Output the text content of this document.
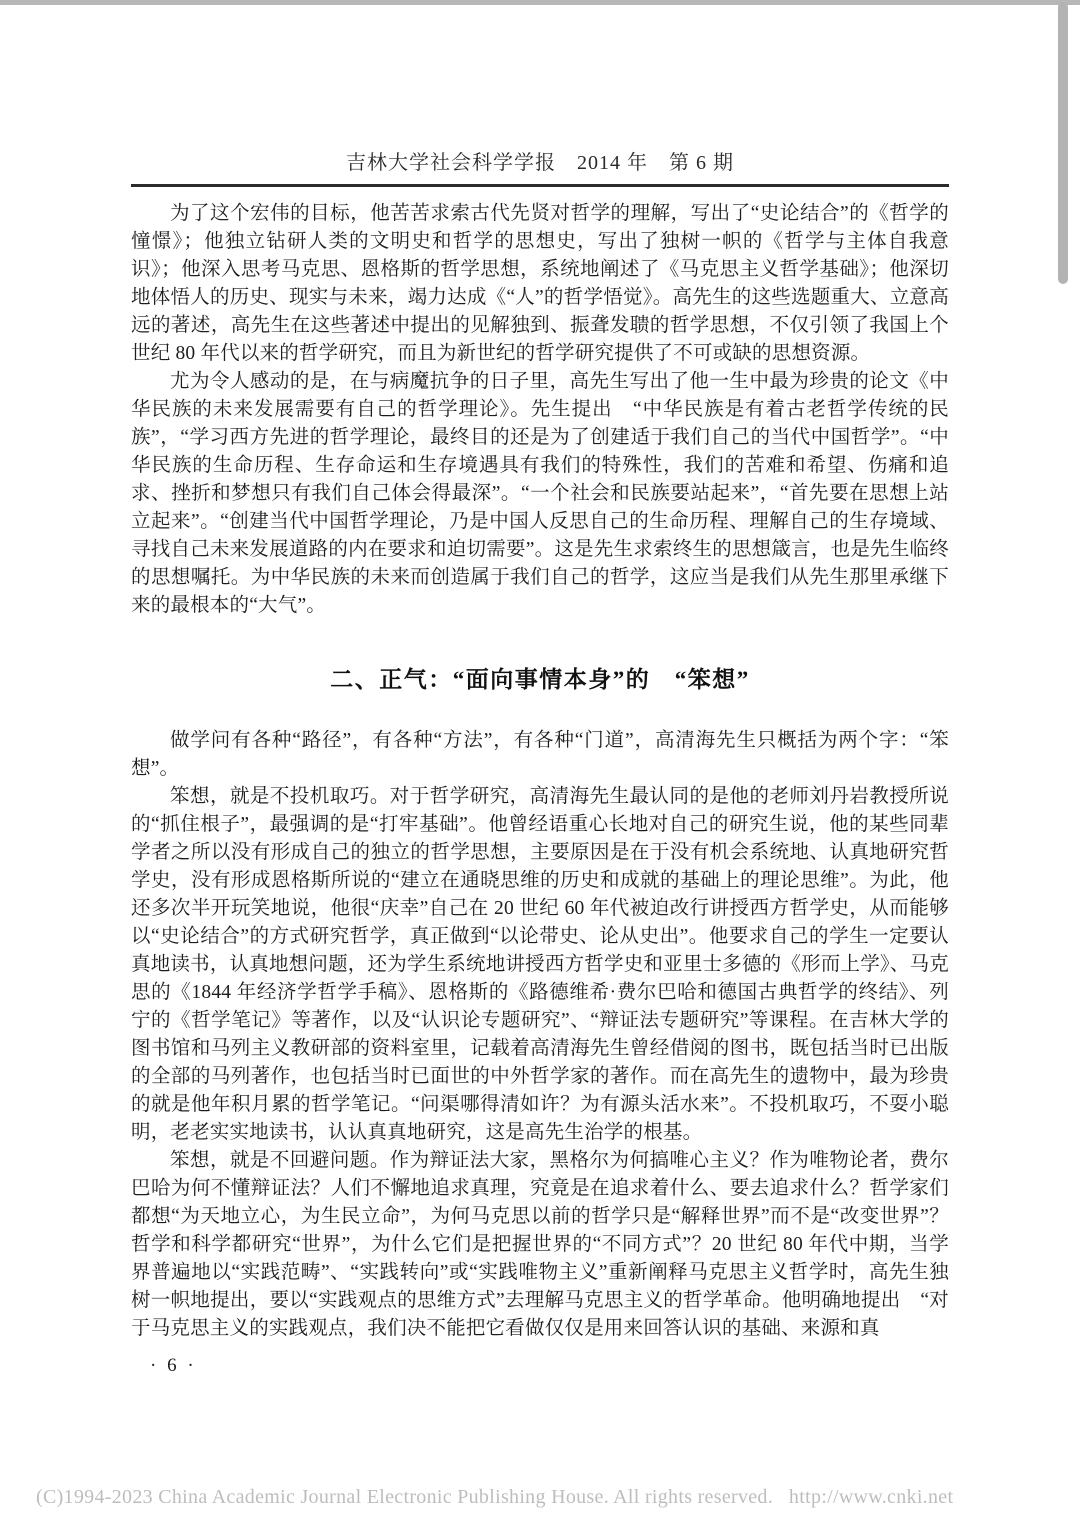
吉林大学社会科学学报　2014 年　第 6 期

为了这个宏伟的目标，他苦苦求索古代先贤对哲学的理解，写出了“史论结合”的《哲学的憧憬》；他独立钻研人类的文明史和哲学的思想史，写出了独树一帜的《哲学与主体自我意识》；他深入思考马克思、恩格斯的哲学思想，系统地阐述了《马克思主义哲学基础》；他深切地体悟人的历史、现实与未来，竭力达成《“人”的哲学悟觉》。高先生的这些选题重大、立意高远的著述，高先生在这些著述中提出的见解独到、振聋发聩的哲学思想，不仅引领了我国上个世纪 80 年代以来的哲学研究，而且为新世纪的哲学研究提供了不可或缺的思想资源。

尤为令人感动的是，在与病魔抗争的日子里，高先生写出了他一生中最为珍贵的论文《中华民族的未来发展需要有自己的哲学理论》。先生提出　“中华民族是有着古老哲学传统的民族”，“学习西方先进的哲学理论，最终目的还是为了创建适于我们自己的当代中国哲学”。“中华民族的生命历程、生存命运和生存境遇具有我们的特殊性，我们的苦难和希望、伤痛和追求、挫折和梦想只有我们自己体会得最深”。“一个社会和民族要站起来”，“首先要在思想上站立起来”。“创建当代中国哲学理论，乃是中国人反思自己的生命历程、理解自己的生存境域、寻找自己未来发展道路的内在要求和迫切需要”。这是先生求索终生的思想箴言，也是先生临终的思想嘱托。为中华民族的未来而创造属于我们自己的哲学，这应当是我们从先生那里承继下来的最根本的“大气”。

二、正气：“面向事情本身”的　“笨想”

做学问有各种“路径”，有各种“方法”，有各种“门道”，高清海先生只概括为两个字：“笨想”。

笨想，就是不投机取巧。对于哲学研究，高清海先生最认同的是他的老师刘丹岩教授所说的“抓住根子”，最强调的是“打牢基础”。他曾经语重心长地对自己的研究生说，他的某些同辈学者之所以没有形成自己的独立的哲学思想，主要原因是在于没有机会系统地、认真地研究哲学史，没有形成恩格斯所说的“建立在通晓思维的历史和成就的基础上的理论思维”。为此，他还多次半开玩笑地说，他很“庆幸”自己在 20 世纪 60 年代被迫改行讲授西方哲学史，从而能够以“史论结合”的方式研究哲学，真正做到“以论带史、论从史出”。他要求自己的学生一定要认真地读书，认真地想问题，还为学生系统地讲授西方哲学史和亚里士多德的《形而上学》、马克思的《1844 年经济学哲学手稿》、恩格斯的《路德维希·费尔巴哈和德国古典哲学的终结》、列宁的《哲学笔记》等著作，以及“认识论专题研究”、“辩证法专题研究”等课程。在吉林大学的图书馆和马列主义教研部的资料室里，记载着高清海先生曾经借阅的图书，既包括当时已出版的全部的马列著作，也包括当时已面世的中外哲学家的著作。而在高先生的遗物中，最为珍贵的就是他年积月累的哲学笔记。“问渠哪得清如许？为有源头活水来”。不投机取巧，不耍小聪明，老老实实地读书，认认真真地研究，这是高先生治学的根基。

笨想，就是不回避问题。作为辩证法大家，黑格尔为何搞唯心主义？作为唯物论者，费尔巴哈为何不懂辩证法？人们不懈地追求真理，究竟是在追求着什么、要去追求什么？哲学家们都想“为天地立心，为生民立命”，为何马克思以前的哲学只是“解释世界”而不是“改变世界”？哲学和科学都研究“世界”，为什么它们是把握世界的“不同方式”？20 世纪 80 年代中期，当学界普遍地以“实践范畴”、“实践转向”或“实践唯物主义”重新阐释马克思主义哲学时，高先生独树一帜地提出，要以“实践观点的思维方式”去理解马克思主义的哲学革命。他明确地提出　“对于马克思主义的实践观点，我们决不能把它看做仅仅是用来回答认识的基础、来源和真

· 6 ·
(C)1994-2023 China Academic Journal Electronic Publishing House. All rights reserved.   http://www.cnki.net
